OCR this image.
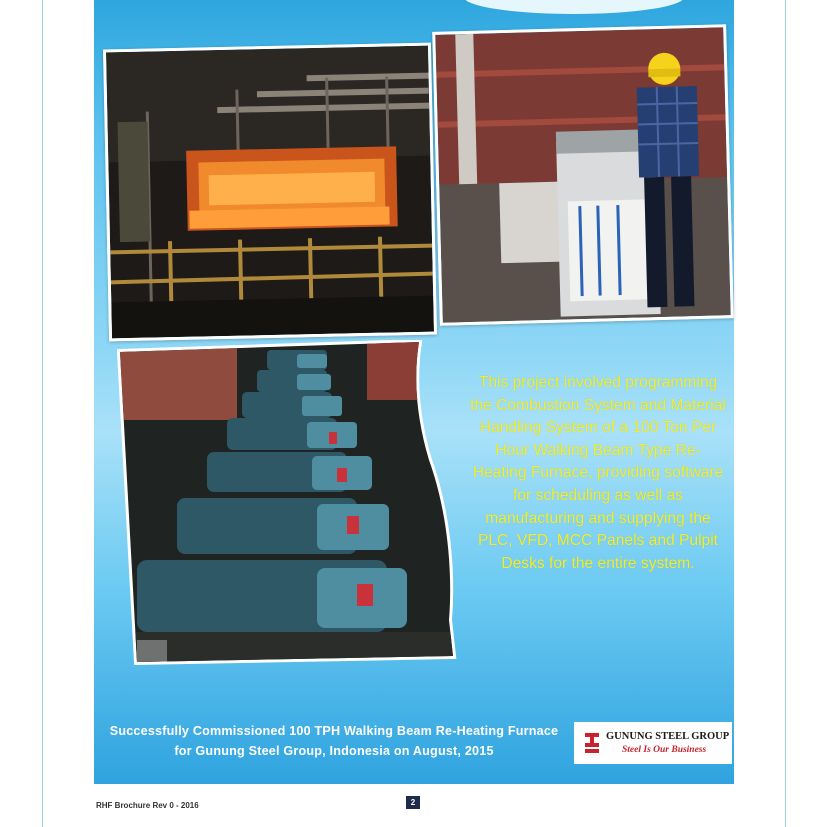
This project involved programming the Combustion System and Material Handling System of a 100 Ton Per Hour Walking Beam Type Re-Heating Furnace, providing software for scheduling as well as manufacturing and supplying the PLC, VFD, MCC Panels and Pulpit Desks for the entire system.
Successfully Commissioned 100 TPH Walking Beam Re-Heating Furnace
for Gunung Steel Group, Indonesia on August, 2015
GUNUNG STEEL GROUP
Steel Is Our Business
RHF Brochure Rev 0 - 2016	2
